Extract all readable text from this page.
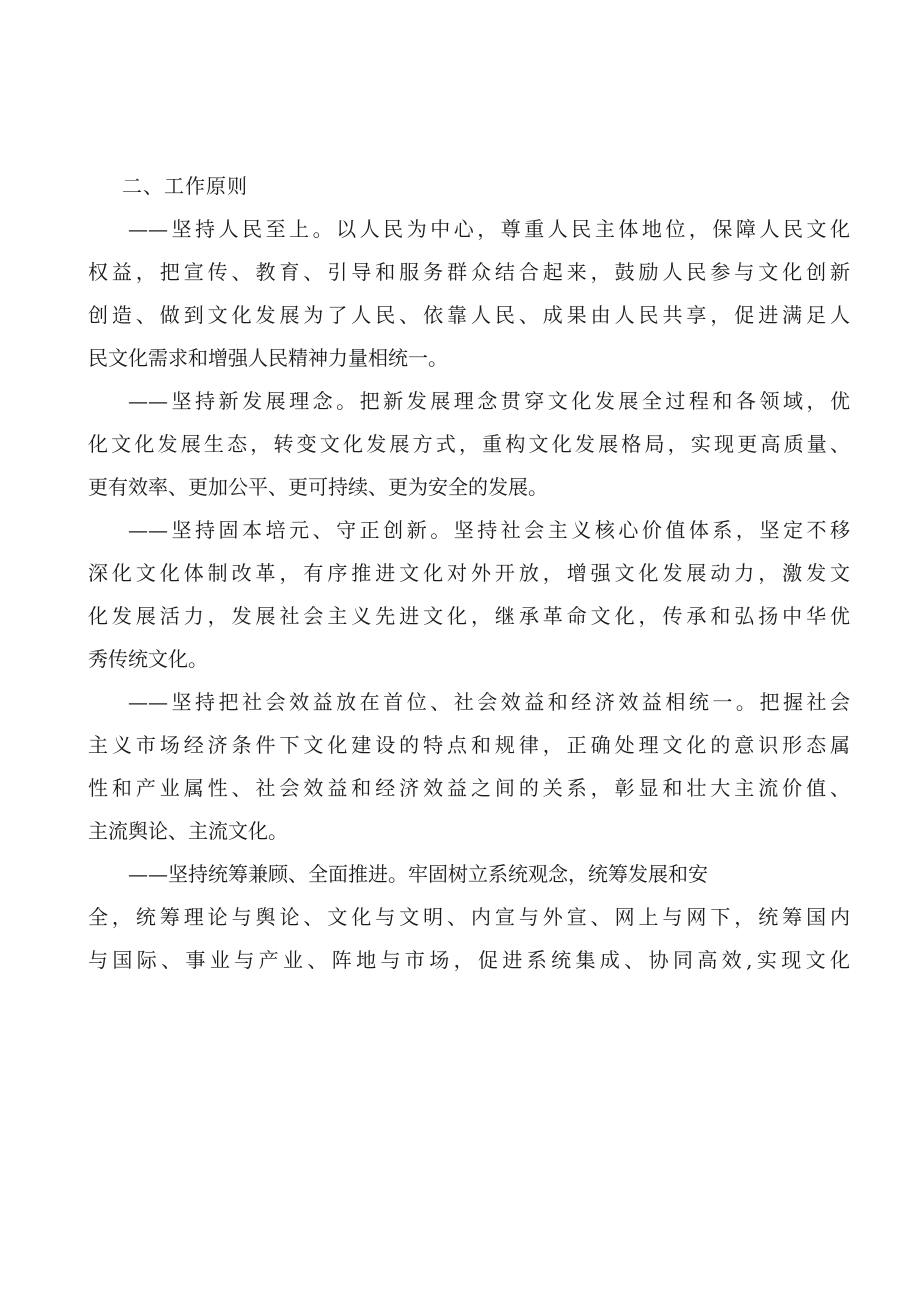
二、工作原则
——坚持人民至上。以人民为中心，尊重人民主体地位，保障人民文化
权益，把宣传、教育、引导和服务群众结合起来，鼓励人民参与文化创新
创造、做到文化发展为了人民、依靠人民、成果由人民共享，促进满足人
民文化需求和增强人民精神力量相统一。
——坚持新发展理念。把新发展理念贯穿文化发展全过程和各领域，优
化文化发展生态，转变文化发展方式，重构文化发展格局，实现更高质量、
更有效率、更加公平、更可持续、更为安全的发展。
——坚持固本培元、守正创新。坚持社会主义核心价值体系，坚定不移
深化文化体制改革，有序推进文化对外开放，增强文化发展动力，激发文
化发展活力，发展社会主义先进文化，继承革命文化，传承和弘扬中华优
秀传统文化。
——坚持把社会效益放在首位、社会效益和经济效益相统一。把握社会
主义市场经济条件下文化建设的特点和规律，正确处理文化的意识形态属
性和产业属性、社会效益和经济效益之间的关系，彰显和壮大主流价值、
主流舆论、主流文化。
——坚持统筹兼顾、全面推进。牢固树立系统观念，统筹发展和安
全，统筹理论与舆论、文化与文明、内宣与外宣、网上与网下，统筹国内
与国际、事业与产业、阵地与市场，促进系统集成、协同高效,实现文化
